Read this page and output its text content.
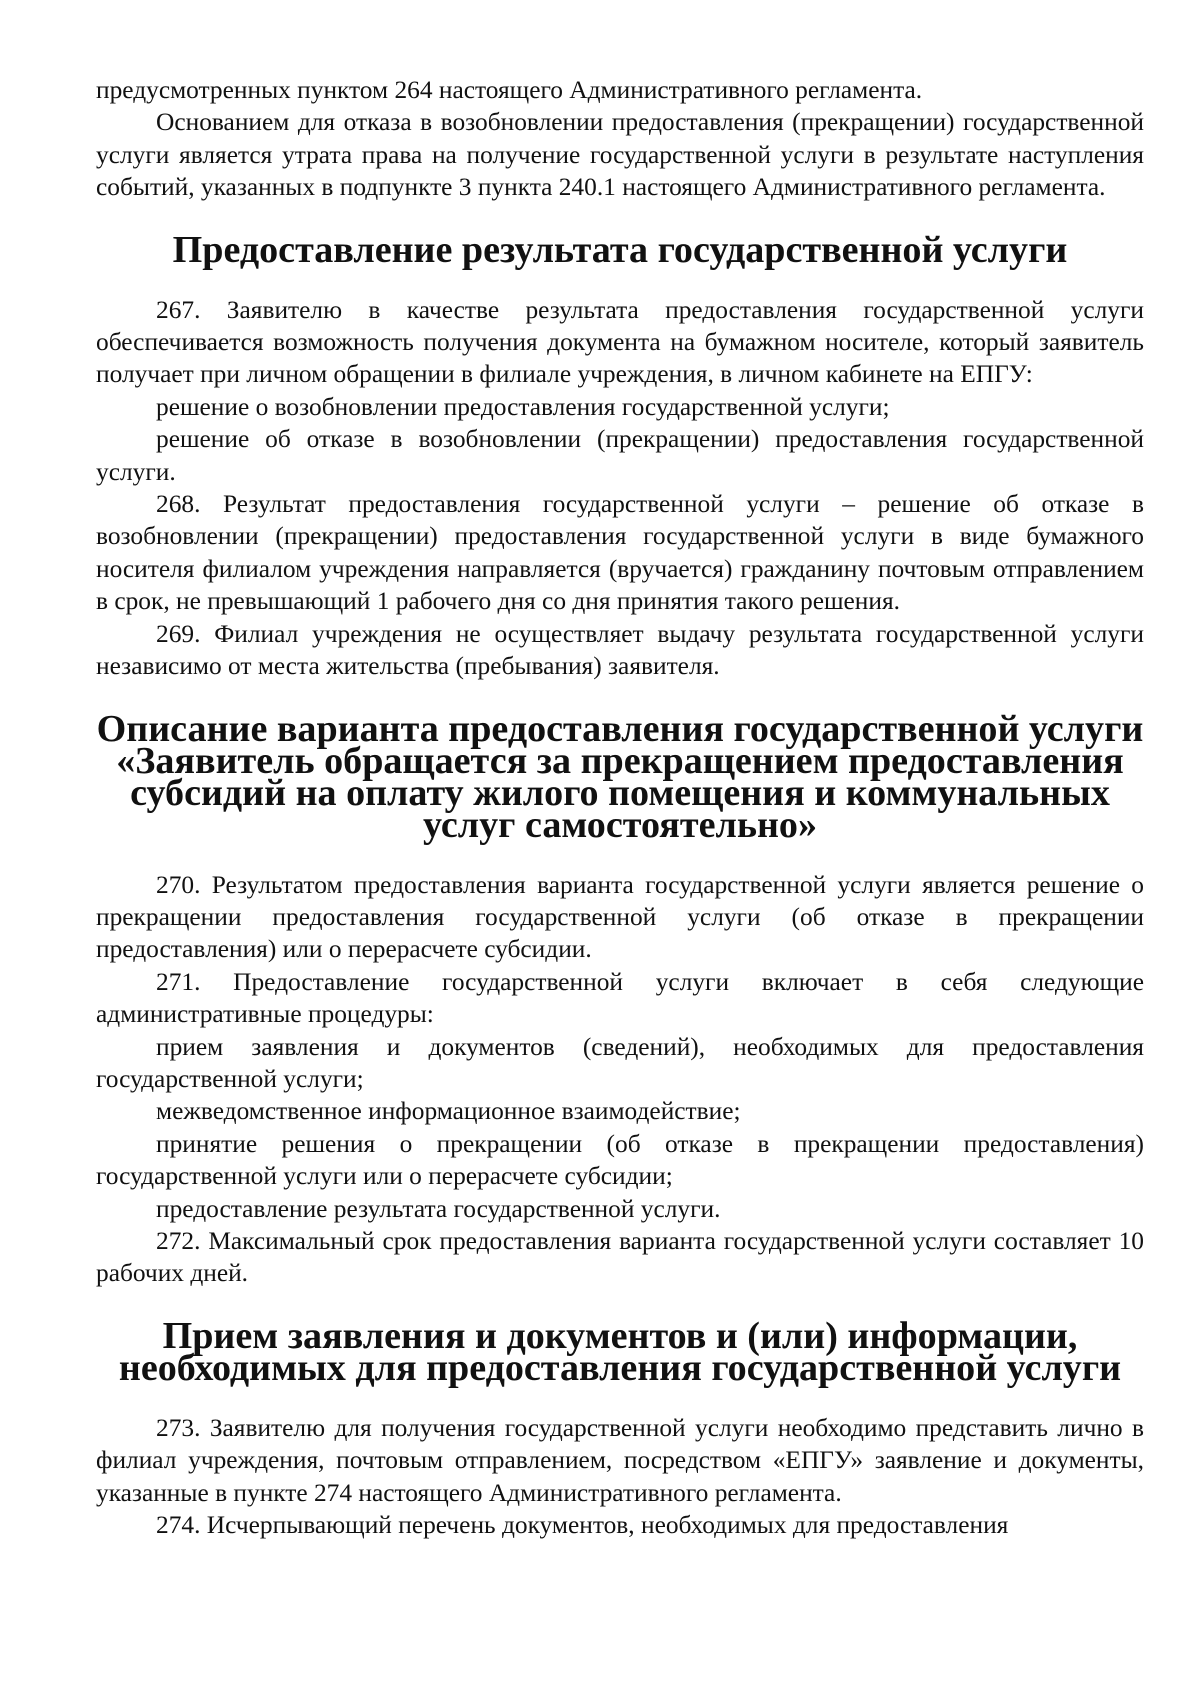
предусмотренных пунктом 264 настоящего Административного регламента.

Основанием для отказа в возобновлении предоставления (прекращении) государственной услуги является утрата права на получение государственной услуги в результате наступления событий, указанных в подпункте 3 пункта 240.1 настоящего Административного регламента.

Предоставление результата государственной услуги

267. Заявителю в качестве результата предоставления государственной услуги обеспечивается возможность получения документа на бумажном носителе, который заявитель получает при личном обращении в филиале учреждения, в личном кабинете на ЕПГУ:

решение о возобновлении предоставления государственной услуги;

решение об отказе в возобновлении (прекращении) предоставления государственной услуги.

268. Результат предоставления государственной услуги – решение об отказе в возобновлении (прекращении) предоставления государственной услуги в виде бумажного носителя филиалом учреждения направляется (вручается) гражданину почтовым отправлением в срок, не превышающий 1 рабочего дня со дня принятия такого решения.

269. Филиал учреждения не осуществляет выдачу результата государственной услуги независимо от места жительства (пребывания) заявителя.

Описание варианта предоставления государственной услуги «Заявитель обращается за прекращением предоставления субсидий на оплату жилого помещения и коммунальных услуг самостоятельно»

270. Результатом предоставления варианта государственной услуги является решение о прекращении предоставления государственной услуги (об отказе в прекращении предоставления) или о перерасчете субсидии.

271. Предоставление государственной услуги включает в себя следующие административные процедуры:

прием заявления и документов (сведений), необходимых для предоставления государственной услуги;

межведомственное информационное взаимодействие;

принятие решения о прекращении (об отказе в прекращении предоставления) государственной услуги или о перерасчете субсидии;

предоставление результата государственной услуги.

272. Максимальный срок предоставления варианта государственной услуги составляет 10 рабочих дней.

Прием заявления и документов и (или) информации, необходимых для предоставления государственной услуги

273. Заявителю для получения государственной услуги необходимо представить лично в филиал учреждения, почтовым отправлением, посредством «ЕПГУ» заявление и документы, указанные в пункте 274 настоящего Административного регламента.

274. Исчерпывающий перечень документов, необходимых для предоставления
